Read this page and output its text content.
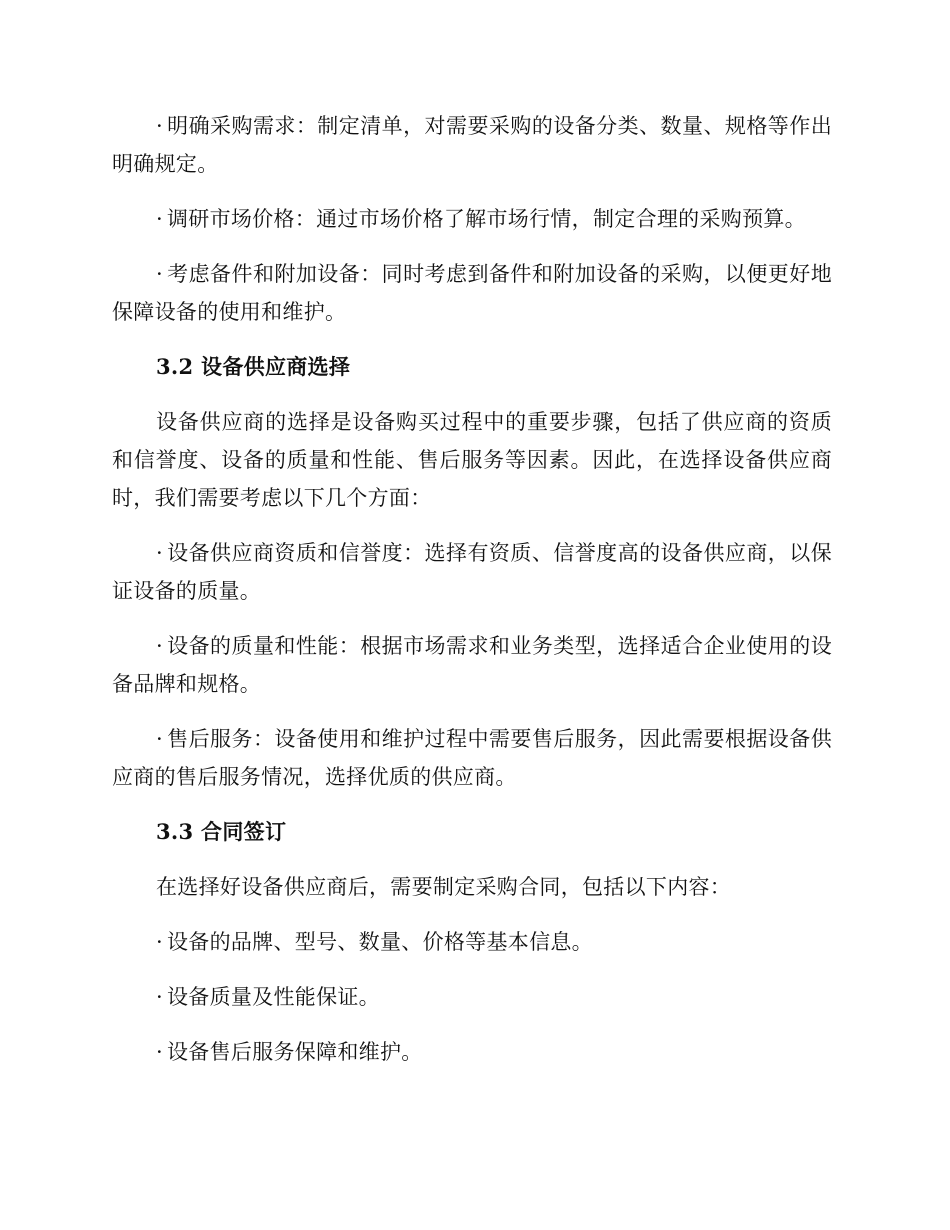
· 明确采购需求：制定清单，对需要采购的设备分类、数量、规格等作出明确规定。

· 调研市场价格：通过市场价格了解市场行情，制定合理的采购预算。

· 考虑备件和附加设备：同时考虑到备件和附加设备的采购，以便更好地保障设备的使用和维护。

3.2 设备供应商选择

设备供应商的选择是设备购买过程中的重要步骤，包括了供应商的资质和信誉度、设备的质量和性能、售后服务等因素。因此，在选择设备供应商时，我们需要考虑以下几个方面：

· 设备供应商资质和信誉度：选择有资质、信誉度高的设备供应商，以保证设备的质量。

· 设备的质量和性能：根据市场需求和业务类型，选择适合企业使用的设备品牌和规格。

· 售后服务：设备使用和维护过程中需要售后服务，因此需要根据设备供应商的售后服务情况，选择优质的供应商。

3.3 合同签订

在选择好设备供应商后，需要制定采购合同，包括以下内容：

· 设备的品牌、型号、数量、价格等基本信息。

· 设备质量及性能保证。

· 设备售后服务保障和维护。
